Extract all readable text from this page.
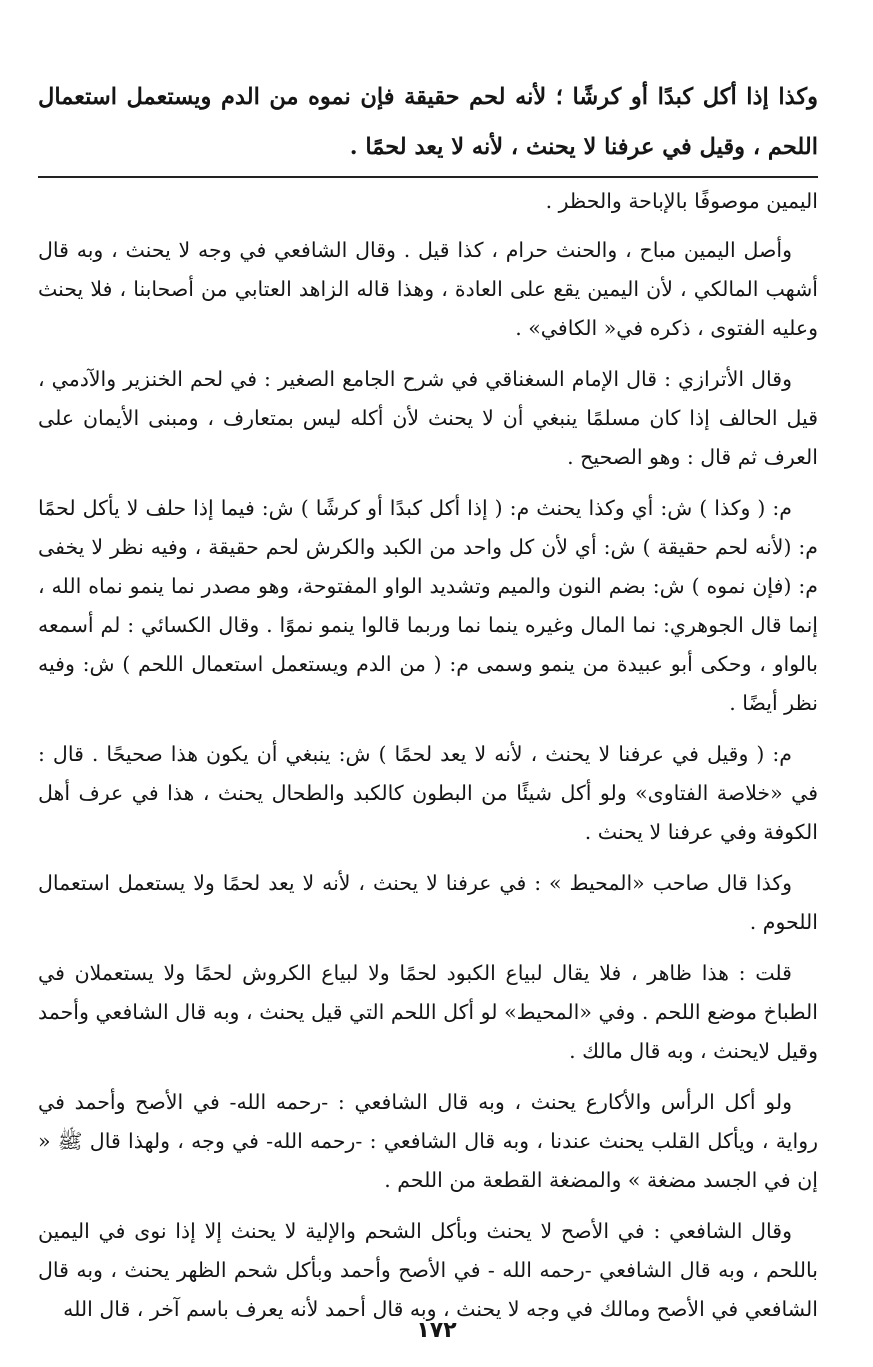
وكذا إذا أكل كبدًا أو كرشًا ؛ لأنه لحم حقيقة فإن نموه من الدم ويستعمل استعمال اللحم ، وقيل في عرفنا لا يحنث ، لأنه لا يعد لحمًا .

اليمين موصوفًا بالإباحة والحظر .

وأصل اليمين مباح ، والحنث حرام ، كذا قيل . وقال الشافعي في وجه لا يحنث ، وبه قال أشهب المالكي ، لأن اليمين يقع على العادة ، وهذا قاله الزاهد العتابي من أصحابنا ، فلا يحنث وعليه الفتوى ، ذكره في« الكافي» .

وقال الأترازي : قال الإمام السغناقي في شرح الجامع الصغير : في لحم الخنزير والآدمي ، قيل الحالف إذا كان مسلمًا ينبغي أن لا يحنث لأن أكله ليس بمتعارف ، ومبنى الأيمان على العرف ثم قال : وهو الصحيح .

م: ( وكذا ) ش: أي وكذا يحنث م: ( إذا أكل كبدًا أو كرشًا ) ش: فيما إذا حلف لا يأكل لحمًا م: (لأنه لحم حقيقة ) ش: أي لأن كل واحد من الكبد والكرش لحم حقيقة ، وفيه نظر لا يخفى م: (فإن نموه ) ش: بضم النون والميم وتشديد الواو المفتوحة، وهو مصدر نما ينمو نماه الله ، إنما قال الجوهري: نما المال وغيره ينما نما وربما قالوا ينمو نموًا . وقال الكسائي : لم أسمعه بالواو ، وحكى أبو عبيدة من ينمو وسمى م: ( من الدم ويستعمل استعمال اللحم ) ش: وفيه نظر أيضًا .

م: ( وقيل في عرفنا لا يحنث ، لأنه لا يعد لحمًا ) ش: ينبغي أن يكون هذا صحيحًا . قال : في «خلاصة الفتاوى» ولو أكل شيئًا من البطون كالكبد والطحال يحنث ، هذا في عرف أهل الكوفة وفي عرفنا لا يحنث .

وكذا قال صاحب «المحيط » : في عرفنا لا يحنث ، لأنه لا يعد لحمًا ولا يستعمل استعمال اللحوم .

قلت : هذا ظاهر ، فلا يقال لبياع الكبود لحمًا ولا لبياع الكروش لحمًا ولا يستعملان في الطباخ موضع اللحم . وفي «المحيط» لو أكل اللحم التي قيل يحنث ، وبه قال الشافعي وأحمد وقيل لايحنث ، وبه قال مالك .

ولو أكل الرأس والأكارع يحنث ، وبه قال الشافعي : -رحمه الله- في الأصح وأحمد في رواية ، ويأكل القلب يحنث عندنا ، وبه قال الشافعي : -رحمه الله- في وجه ، ولهذا قال ﷺ « إن في الجسد مضغة » والمضغة القطعة من اللحم .

وقال الشافعي : في الأصح لا يحنث وبأكل الشحم والإلية لا يحنث إلا إذا نوى في اليمين باللحم ، وبه قال الشافعي -رحمه الله - في الأصح وأحمد وبأكل شحم الظهر يحنث ، وبه قال الشافعي في الأصح ومالك في وجه لا يحنث ، وبه قال أحمد لأنه يعرف باسم آخر ، قال الله

١٧٢
